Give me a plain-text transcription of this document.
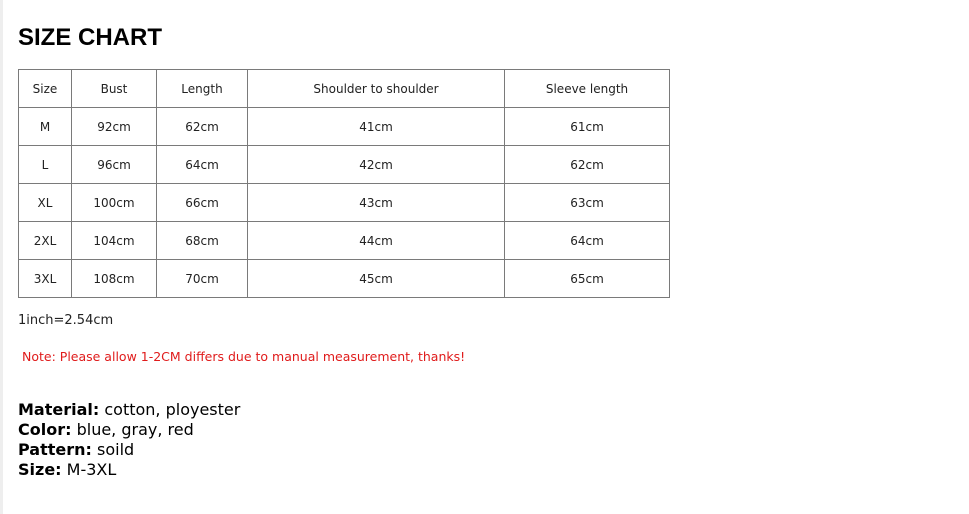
SIZE CHART
Size	Bust	Length	Shoulder to shoulder	Sleeve length
M	92cm	62cm	41cm	61cm
L	96cm	64cm	42cm	62cm
XL	100cm	66cm	43cm	63cm
2XL	104cm	68cm	44cm	64cm
3XL	108cm	70cm	45cm	65cm
1inch=2.54cm
Note: Please allow 1-2CM differs due to manual measurement, thanks!
Material: cotton, ployester
Color: blue, gray, red
Pattern: soild
Size: M-3XL
